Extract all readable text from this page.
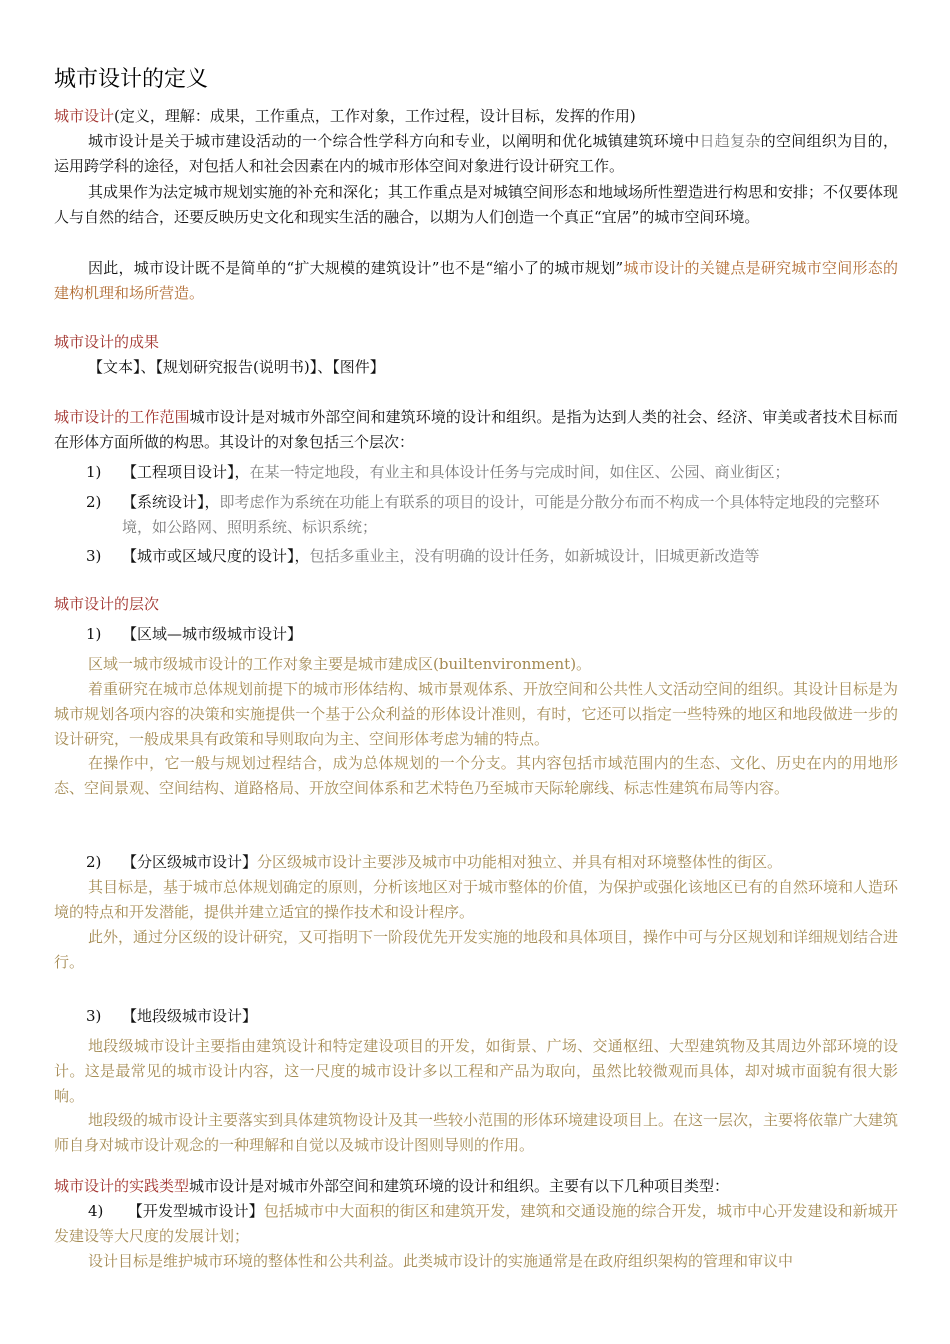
城市设计的定义
城市设计(定义，理解：成果，工作重点，工作对象，工作过程，设计目标，发挥的作用)
城市设计是关于城市建设活动的一个综合性学科方向和专业，以阐明和优化城镇建筑环境中日趋复杂的空间组织为目的，运用跨学科的途径，对包括人和社会因素在内的城市形体空间对象进行设计研究工作。
其成果作为法定城市规划实施的补充和深化；其工作重点是对城镇空间形态和地域场所性塑造进行构思和安排；不仅要体现人与自然的结合，还要反映历史文化和现实生活的融合，以期为人们创造一个真正“宜居”的城市空间环境。
因此，城市设计既不是简单的“扩大规模的建筑设计”也不是“缩小了的城市规划”城市设计的关键点是研究城市空间形态的建构机理和场所营造。
城市设计的成果
【文本】、【规划研究报告(说明书)】、【图件】
城市设计的工作范围城市设计是对城市外部空间和建筑环境的设计和组织。是指为达到人类的社会、经济、审美或者技术目标而在形体方面所做的构思。其设计的对象包括三个层次：
1) 【工程项目设计】，在某一特定地段，有业主和具体设计任务与完成时间，如住区、公园、商业街区；
2) 【系统设计】，即考虑作为系统在功能上有联系的项目的设计，可能是分散分布而不构成一个具体特定地段的完整环境，如公路网、照明系统、标识系统；
3) 【城市或区域尺度的设计】，包括多重业主，没有明确的设计任务，如新城设计，旧城更新改造等
城市设计的层次
1) 【区域—城市级城市设计】
区域一城市级城市设计的工作对象主要是城市建成区(builtenvironment)。
着重研究在城市总体规划前提下的城市形体结构、城市景观体系、开放空间和公共性人文活动空间的组织。其设计目标是为城市规划各项内容的决策和实施提供一个基于公众利益的形体设计准则，有时，它还可以指定一些特殊的地区和地段做进一步的设计研究，一般成果具有政策和导则取向为主、空间形体考虑为辅的特点。
在操作中，它一般与规划过程结合，成为总体规划的一个分支。其内容包括市域范围内的生态、文化、历史在内的用地形态、空间景观、空间结构、道路格局、开放空间体系和艺术特色乃至城市天际轮廓线、标志性建筑布局等内容。
2) 【分区级城市设计】分区级城市设计主要涉及城市中功能相对独立、并具有相对环境整体性的街区。
其目标是，基于城市总体规划确定的原则，分析该地区对于城市整体的价值，为保护或强化该地区已有的自然环境和人造环境的特点和开发潜能，提供并建立适宜的操作技术和设计程序。
此外，通过分区级的设计研究，又可指明下一阶段优先开发实施的地段和具体项目，操作中可与分区规划和详细规划结合进行。
3) 【地段级城市设计】
地段级城市设计主要指由建筑设计和特定建设项目的开发，如街景、广场、交通枢纽、大型建筑物及其周边外部环境的设计。这是最常见的城市设计内容，这一尺度的城市设计多以工程和产品为取向，虽然比较微观而具体，却对城市面貌有很大影响。
地段级的城市设计主要落实到具体建筑物设计及其一些较小范围的形体环境建设项目上。在这一层次，主要将依靠广大建筑师自身对城市设计观念的一种理解和自觉以及城市设计图则导则的作用。
城市设计的实践类型城市设计是对城市外部空间和建筑环境的设计和组织。主要有以下几种项目类型：
4) 【开发型城市设计】包括城市中大面积的街区和建筑开发，建筑和交通设施的综合开发，城市中心开发建设和新城开发建设等大尺度的发展计划；
设计目标是维护城市环境的整体性和公共利益。此类城市设计的实施通常是在政府组织架构的管理和审议中
